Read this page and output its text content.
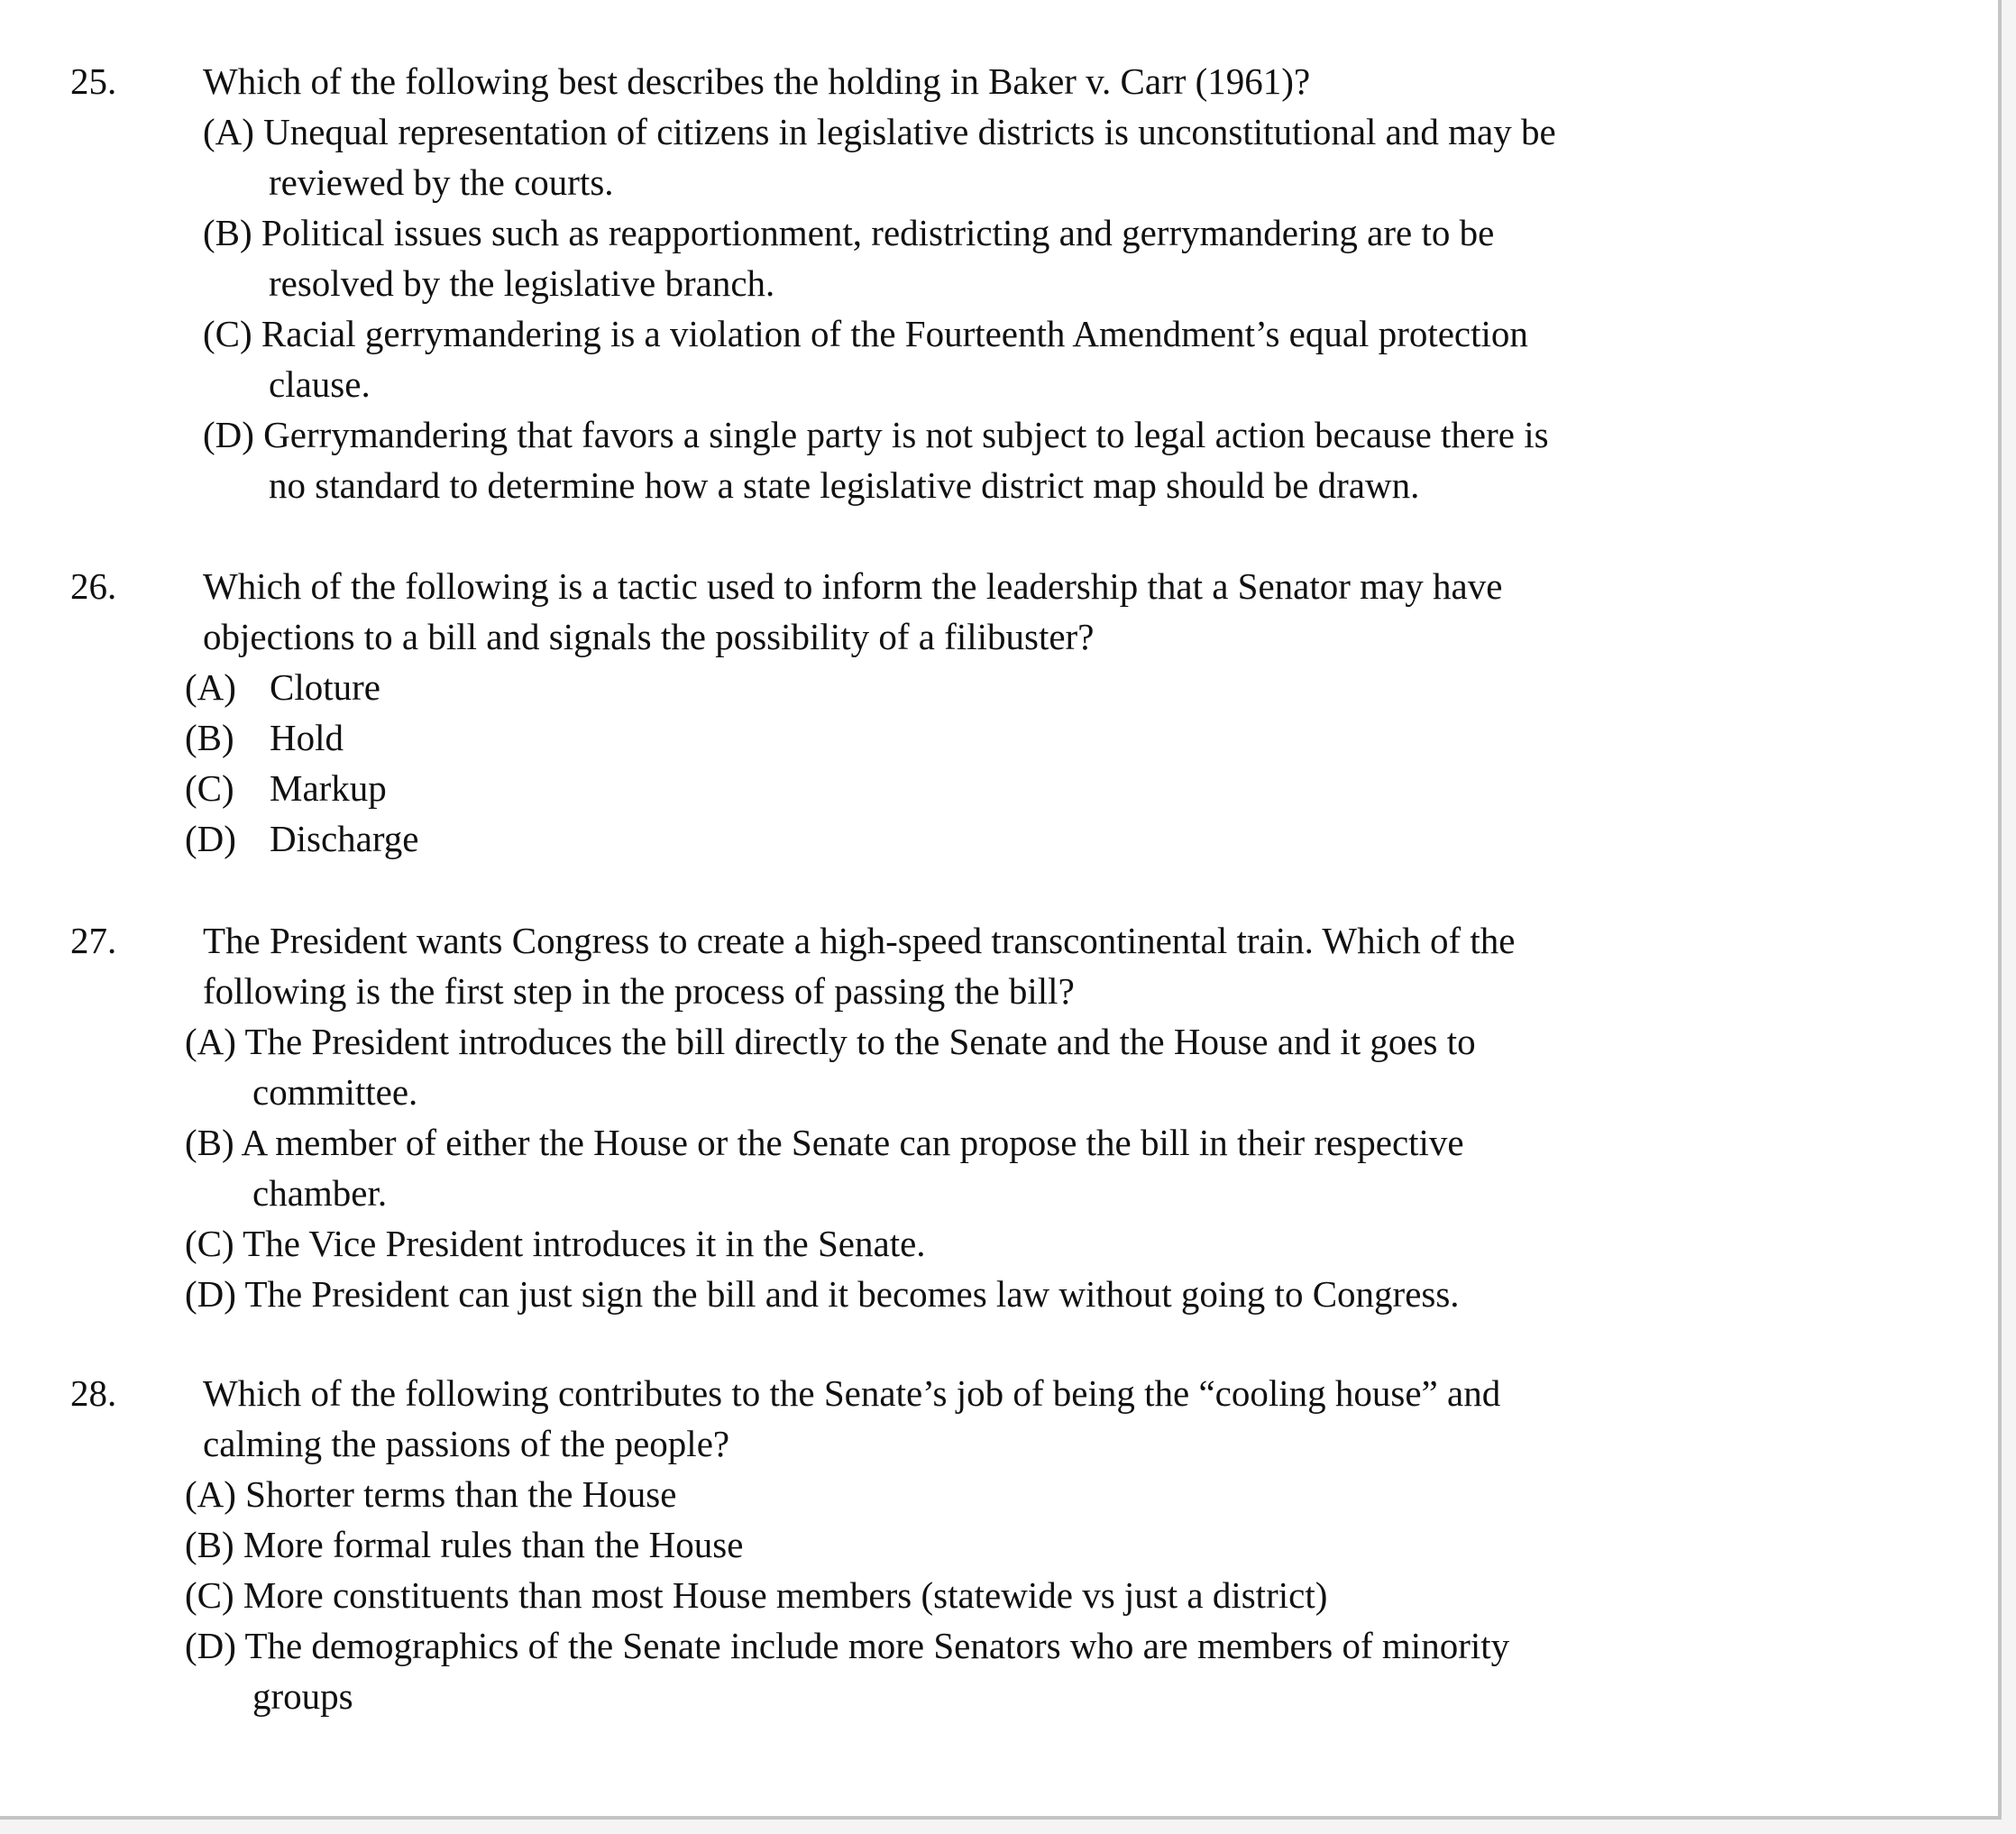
25. Which of the following best describes the holding in Baker v. Carr (1961)?
(A) Unequal representation of citizens in legislative districts is unconstitutional and may be
reviewed by the courts.
(B) Political issues such as reapportionment, redistricting and gerrymandering are to be
resolved by the legislative branch.
(C) Racial gerrymandering is a violation of the Fourteenth Amendment’s equal protection
clause.
(D) Gerrymandering that favors a single party is not subject to legal action because there is
no standard to determine how a state legislative district map should be drawn.
26. Which of the following is a tactic used to inform the leadership that a Senator may have
objections to a bill and signals the possibility of a filibuster?
(A) Cloture
(B) Hold
(C) Markup
(D) Discharge
27. The President wants Congress to create a high-speed transcontinental train. Which of the
following is the first step in the process of passing the bill?
(A) The President introduces the bill directly to the Senate and the House and it goes to
committee.
(B) A member of either the House or the Senate can propose the bill in their respective
chamber.
(C) The Vice President introduces it in the Senate.
(D) The President can just sign the bill and it becomes law without going to Congress.
28. Which of the following contributes to the Senate’s job of being the “cooling house” and
calming the passions of the people?
(A) Shorter terms than the House
(B) More formal rules than the House
(C) More constituents than most House members (statewide vs just a district)
(D) The demographics of the Senate include more Senators who are members of minority
groups
